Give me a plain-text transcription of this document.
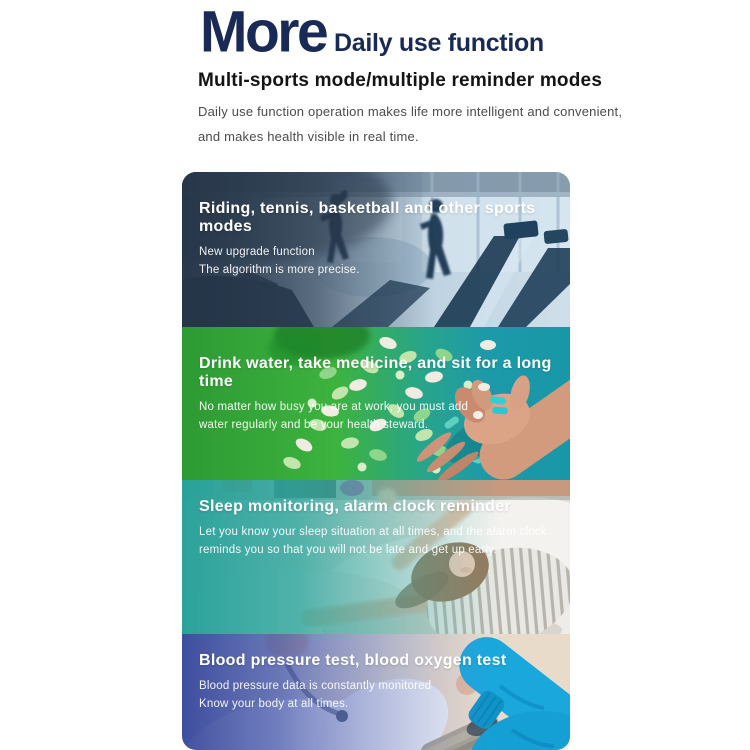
More Daily use function
Multi-sports mode/multiple reminder modes
Daily use function operation makes life more intelligent and convenient,
and makes health visible in real time.
Riding, tennis, basketball and other sports modes
New upgrade function
The algorithm is more precise.
Drink water, take medicine, and sit for a long time
No matter how busy you are at work, you must add
water regularly and be your health steward.
Sleep monitoring, alarm clock reminder
Let you know your sleep situation at all times, and the alarm clock
reminds you so that you will not be late and get up early.
Blood pressure test, blood oxygen test
Blood pressure data is constantly monitored
Know your body at all times.
